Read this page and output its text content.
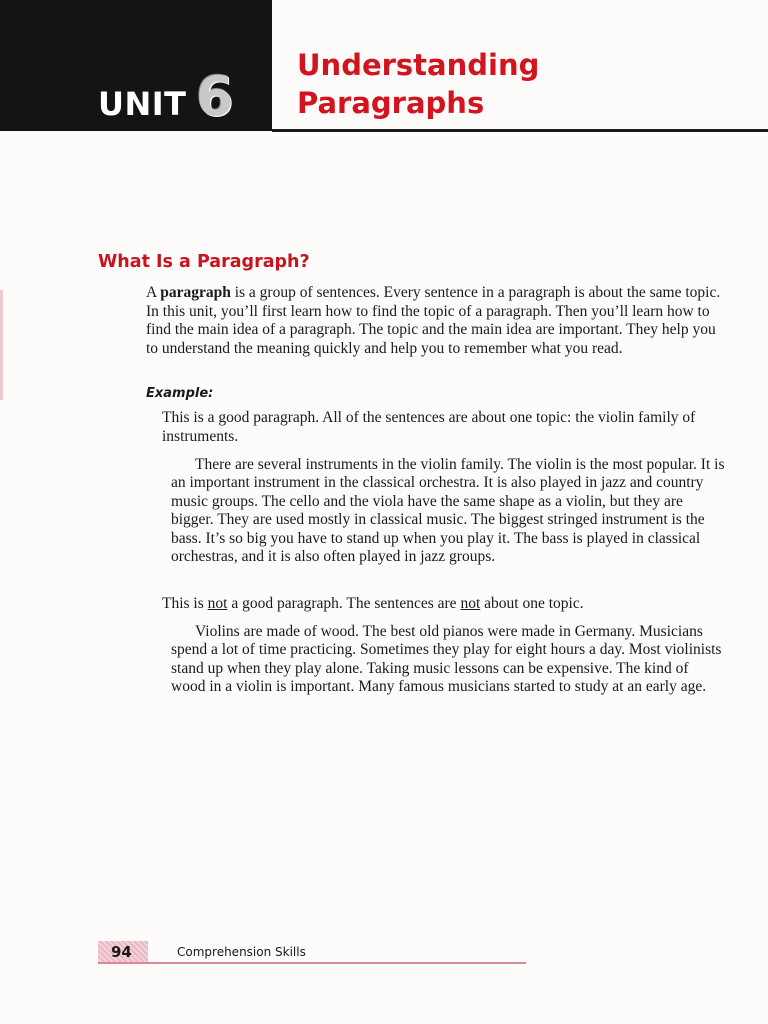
UNIT 6 Understanding
Paragraphs
What Is a Paragraph?

A paragraph is a group of sentences. Every sentence in a paragraph is about the same topic. In this unit, you’ll first learn how to find the topic of a paragraph. Then you’ll learn how to find the main idea of a paragraph. The topic and the main idea are important. They help you to understand the meaning quickly and help you to remember what you read.

Example:

This is a good paragraph. All of the sentences are about one topic: the violin family of instruments.

There are several instruments in the violin family. The violin is the most popular. It is an important instrument in the classical orchestra. It is also played in jazz and country music groups. The cello and the viola have the same shape as a violin, but they are bigger. They are used mostly in classical music. The biggest stringed instrument is the bass. It’s so big you have to stand up when you play it. The bass is played in classical orchestras, and it is also often played in jazz groups.

This is not a good paragraph. The sentences are not about one topic.

Violins are made of wood. The best old pianos were made in Germany. Musicians spend a lot of time practicing. Sometimes they play for eight hours a day. Most violinists stand up when they play alone. Taking music lessons can be expensive. The kind of wood in a violin is important. Many famous musicians started to study at an early age.

94	Comprehension Skills
